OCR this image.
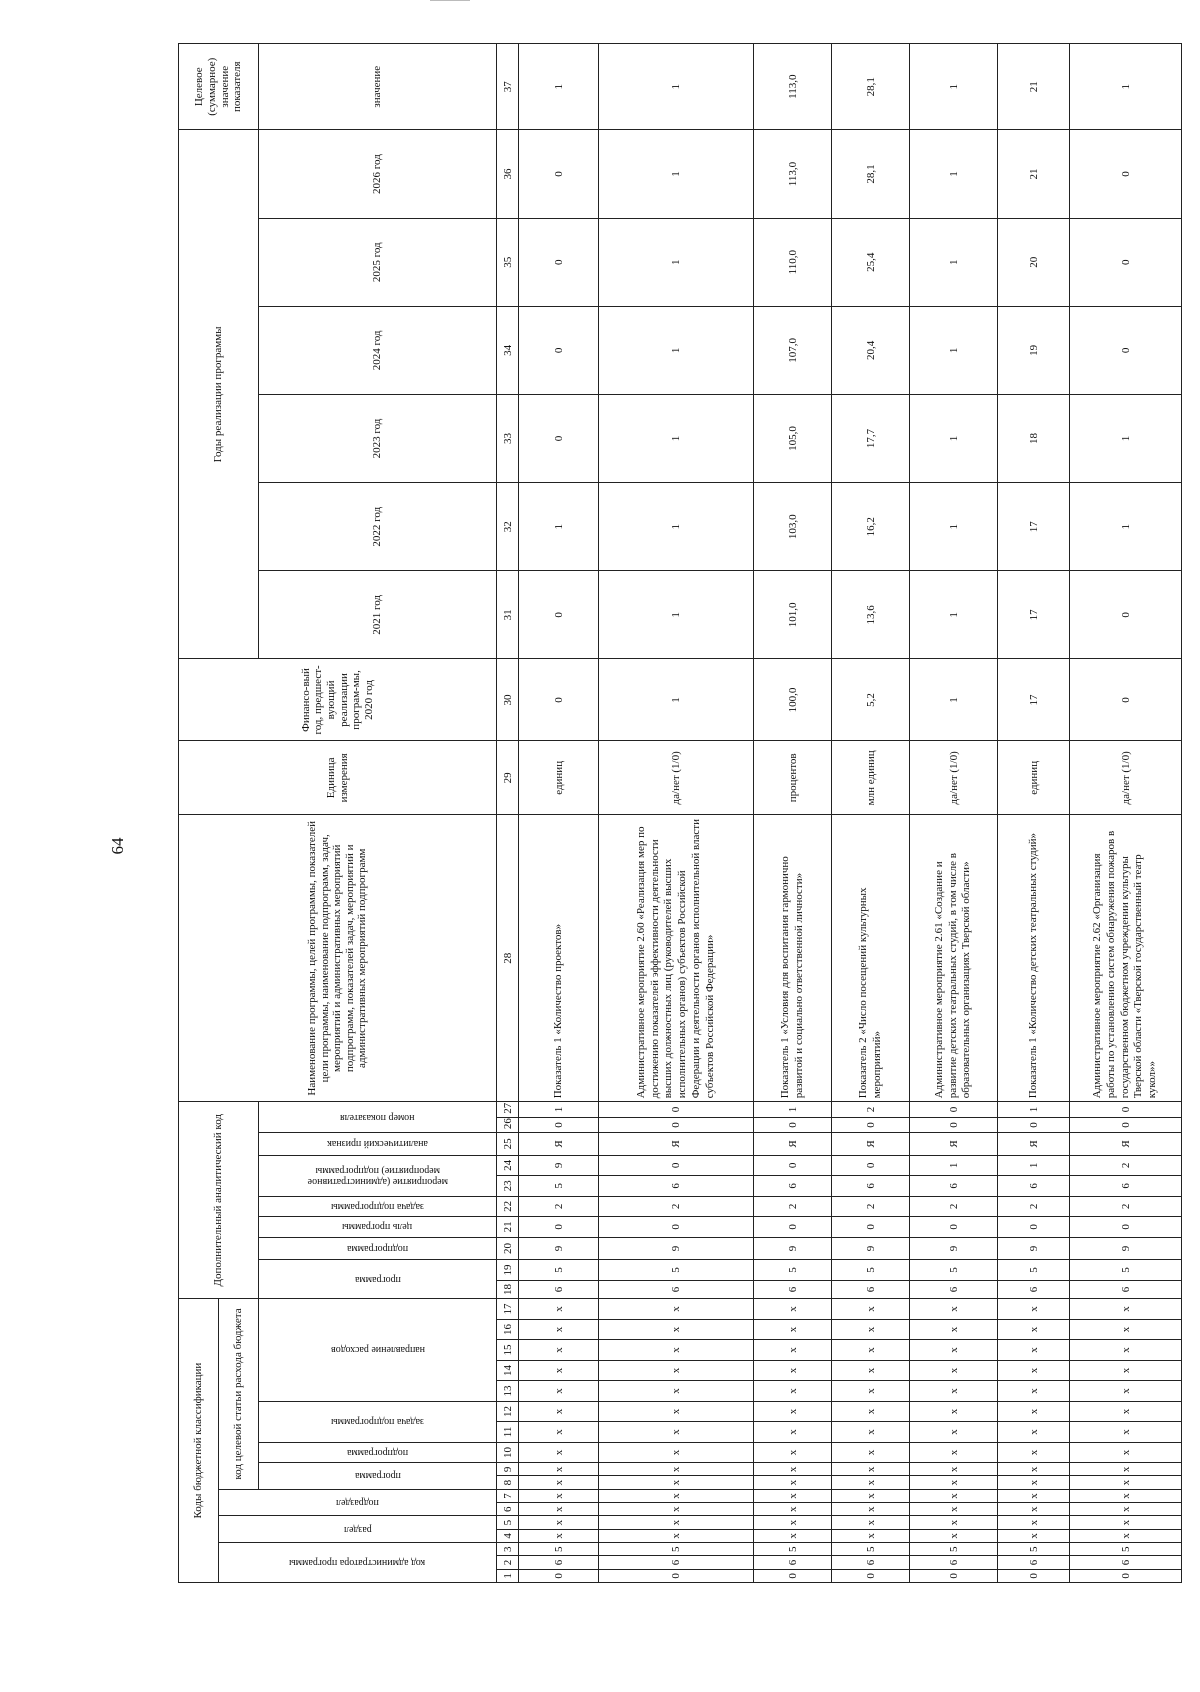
64
Коды бюджетной классификации																	Дополнительный аналитический код										Наименование программы, целей программы, показателей цели программы, наименование подпрограмм, задач, мероприятий и административных мероприятий подпрограмм, показателей задач, мероприятий и административных мероприятий подпрограмм	Единица измерения	Финансо-вый год, предшест-вующий реализации програм-мы, 2020 год	Годы реализации программы						Целевое (суммарное) значение показателя

код администратора программы			раздел		подраздел		код целевой статьи расхода бюджета																													

							программа		подпрограмма	задача подпрограммы		направление расходов					программа		подпрограмма	цель программы	задача подпрограммы	мероприятие (административное мероприятие) подпрограммы		аналитический признак	номер показателя					2021 год	2022 год	2023 год	2024 год	2025 год	2026 год	значение

1	2	3	4	5	6	7	8	9	10	11	12	13	14	15	16	17	18	19	20	21	22	23	24	25	26	27	28	29	30	31	32	33	34	35	36	37
0	6	5	х	х	х	х	х	х	х	х	х	х	х	х	х	х	6	5	9	0	2	5	9	Я	0	1	Показатель 1 «Количество проектов»	единиц	0	0	1	0	0	0	0	1
0	6	5	х	х	х	х	х	х	х	х	х	х	х	х	х	х	6	5	9	0	2	6	0	Я	0	0	Административное мероприятие 2.60 «Реализация мер по достижению показателей эффективности деятельности высших должностных лиц (руководителей высших исполнительных органов) субъектов Российской Федерации и деятельности органов исполнительной власти субъектов Российской Федерации»	да/нет (1/0)	1	1	1	1	1	1	1	1
0	6	5	х	х	х	х	х	х	х	х	х	х	х	х	х	х	6	5	9	0	2	6	0	Я	0	1	Показатель 1 «Условия для воспитания гармонично развитой и социально ответственной личности»	процентов	100,0	101,0	103,0	105,0	107,0	110,0	113,0	113,0
0	6	5	х	х	х	х	х	х	х	х	х	х	х	х	х	х	6	5	9	0	2	6	0	Я	0	2	Показатель 2 «Число посещений культурных мероприятий»	млн единиц	5,2	13,6	16,2	17,7	20,4	25,4	28,1	28,1
0	6	5	х	х	х	х	х	х	х	х	х	х	х	х	х	х	6	5	9	0	2	6	1	Я	0	0	Административное мероприятие 2.61 «Создание и развитие детских театральных студий, в том числе в образовательных организациях Тверской области»	да/нет (1/0)	1	1	1	1	1	1	1	1
0	6	5	х	х	х	х	х	х	х	х	х	х	х	х	х	х	6	5	9	0	2	6	1	Я	0	1	Показатель 1 «Количество детских театральных студий»	единиц	17	17	17	18	19	20	21	21
0	6	5	х	х	х	х	х	х	х	х	х	х	х	х	х	х	6	5	9	0	2	6	2	Я	0	0	Административное мероприятие 2.62 «Организация работы по установлению систем обнаружения пожаров в государственном бюджетном учреждении культуры Тверской области «Тверской государственный театр кукол»»	да/нет (1/0)	0	0	1	1	0	0	0	1
